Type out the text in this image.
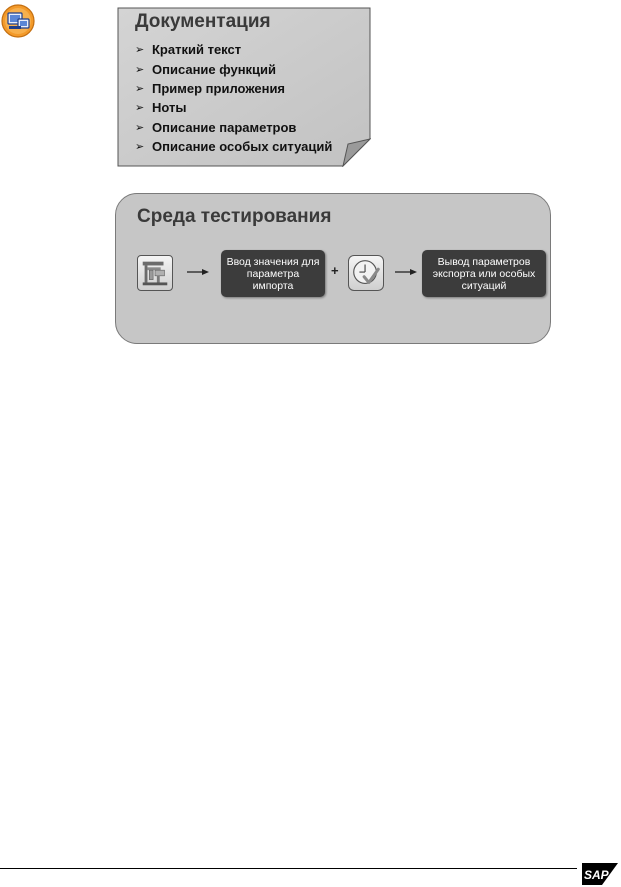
Документация
➢ Краткий текст
➢ Описание функций
➢ Пример приложения
➢ Ноты
➢ Описание параметров
➢ Описание особых ситуаций
Среда тестирования
Ввод значения для параметра импорта
+
Вывод параметров экспорта или особых ситуаций
SAP
